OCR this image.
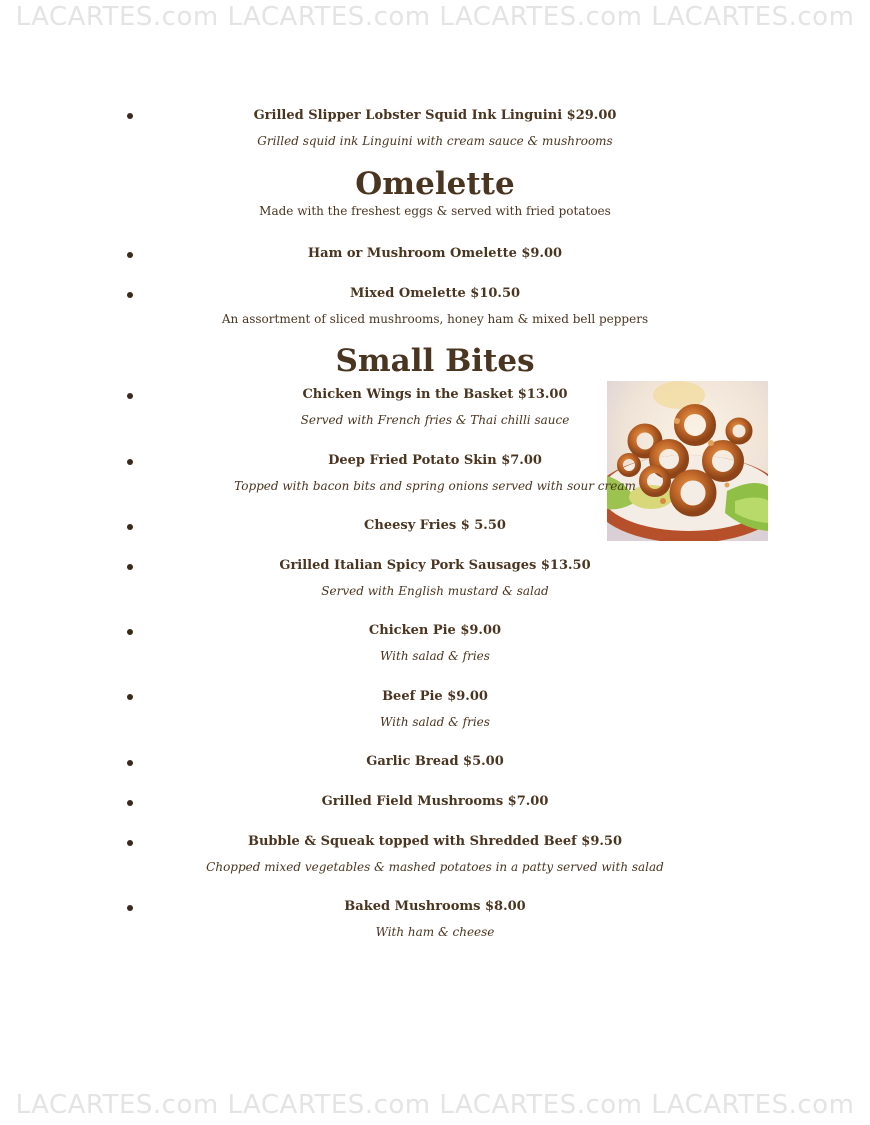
LACARTES.com LACARTES.com LACARTES.com LACARTES.com
LACARTES.com LACARTES.com LACARTES.com LACARTES.com
Grilled Slipper Lobster Squid Ink Linguini $29.00
Grilled squid ink Linguini with cream sauce & mushrooms
Omelette
Made with the freshest eggs & served with fried potatoes
Ham or Mushroom Omelette $9.00
Mixed Omelette $10.50
An assortment of sliced mushrooms, honey ham & mixed bell peppers
Small Bites
Chicken Wings in the Basket $13.00
Served with French fries & Thai chilli sauce
Deep Fried Potato Skin $7.00
Topped with bacon bits and spring onions served with sour cream
Cheesy Fries $ 5.50
Grilled Italian Spicy Pork Sausages $13.50
Served with English mustard & salad
Chicken Pie $9.00
With salad & fries
Beef Pie $9.00
With salad & fries
Garlic Bread $5.00
Grilled Field Mushrooms $7.00
Bubble & Squeak topped with Shredded Beef $9.50
Chopped mixed vegetables & mashed potatoes in a patty served with salad
Baked Mushrooms $8.00
With ham & cheese
